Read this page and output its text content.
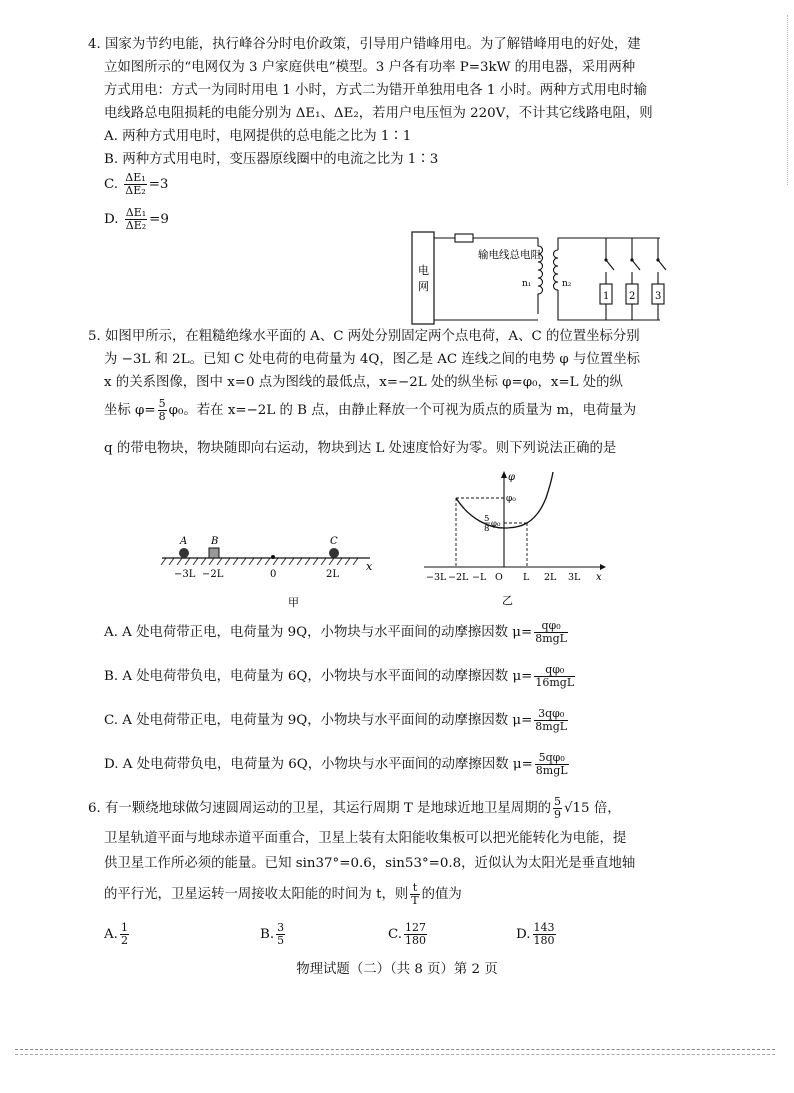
4. 国家为节约电能，执行峰谷分时电价政策，引导用户错峰用电。为了解错峰用电的好处，建
立如图所示的“电网仅为 3 户家庭供电”模型。3 户各有功率 P=3kW 的用电器，采用两种
方式用电：方式一为同时用电 1 小时，方式二为错开单独用电各 1 小时。两种方式用电时输
电线路总电阻损耗的电能分别为 ΔE₁、ΔE₂，若用户电压恒为 220V，不计其它线路电阻，则
A. 两种方式用电时，电网提供的总电能之比为 1∶1
B. 两种方式用电时，变压器原线圈中的电流之比为 1∶3
C. $\frac{\text{ΔE₁}}{\text{ΔE₂}} =3$
D. $\frac{\text{ΔE₁}}{\text{ΔE₂}} =9$
电
网
输电线总电阻
n₁	n₂
1 2 3
5. 如图甲所示，在粗糙绝缘水平面的 A、C 两处分别固定两个点电荷，A、C 的位置坐标分别
为 −3L 和 2L。已知 C 处电荷的电荷量为 4Q，图乙是 AC 连线之间的电势 φ 与位置坐标
x 的关系图像，图中 x=0 点为图线的最低点，x=−2L 处的纵坐标 φ=φ₀，x=L 处的纵
坐标 $\varphi= \frac{5}{8} \varphi_0$。若在 x=−2L 的 B 点，由静止释放一个可视为质点的质量为 m，电荷量为
q 的带电物块，物块随即向右运动，物块到达 L 处速度恰好为零。则下列说法正确的是
x
A B	C
−3L −2L	0	2L
甲
x
φ
φ₀
5
8 φ₀
−3L −2L −L O L 2L 3L
乙
A. A 处电荷带正电，电荷量为 9Q，小物块与水平面间的动摩擦因数 $\mu= \frac{\text{qφ₀}}{\text{8mgL}}$
B. A 处电荷带负电，电荷量为 6Q，小物块与水平面间的动摩擦因数 $\mu= \frac{\text{qφ₀}}{\text{16mgL}}$
C. A 处电荷带正电，电荷量为 9Q，小物块与水平面间的动摩擦因数 $\mu= \frac{\text{3qφ₀}}{\text{8mgL}}$
D. A 处电荷带负电，电荷量为 6Q，小物块与水平面间的动摩擦因数 $\mu= \frac{\text{5qφ₀}}{\text{8mgL}}$
6. 有一颗绕地球做匀速圆周运动的卫星，其运行周期 T 是地球近地卫星周期的 $\frac{5}{9} √15$ 倍，
卫星轨道平面与地球赤道平面重合，卫星上装有太阳能收集板可以把光能转化为电能，提
供卫星工作所必须的能量。已知 sin37°=0.6，sin53°=0.8，近似认为太阳光是垂直地轴
的平行光，卫星运转一周接收太阳能的时间为 t，则 $\frac{t}{T}$ 的值为
A. $\frac{1}{2}$	B. $\frac{3}{5}$	C. $\frac{127}{180}$	D. $\frac{143}{180}$
物理试题（二）（共 8 页）第 2 页
